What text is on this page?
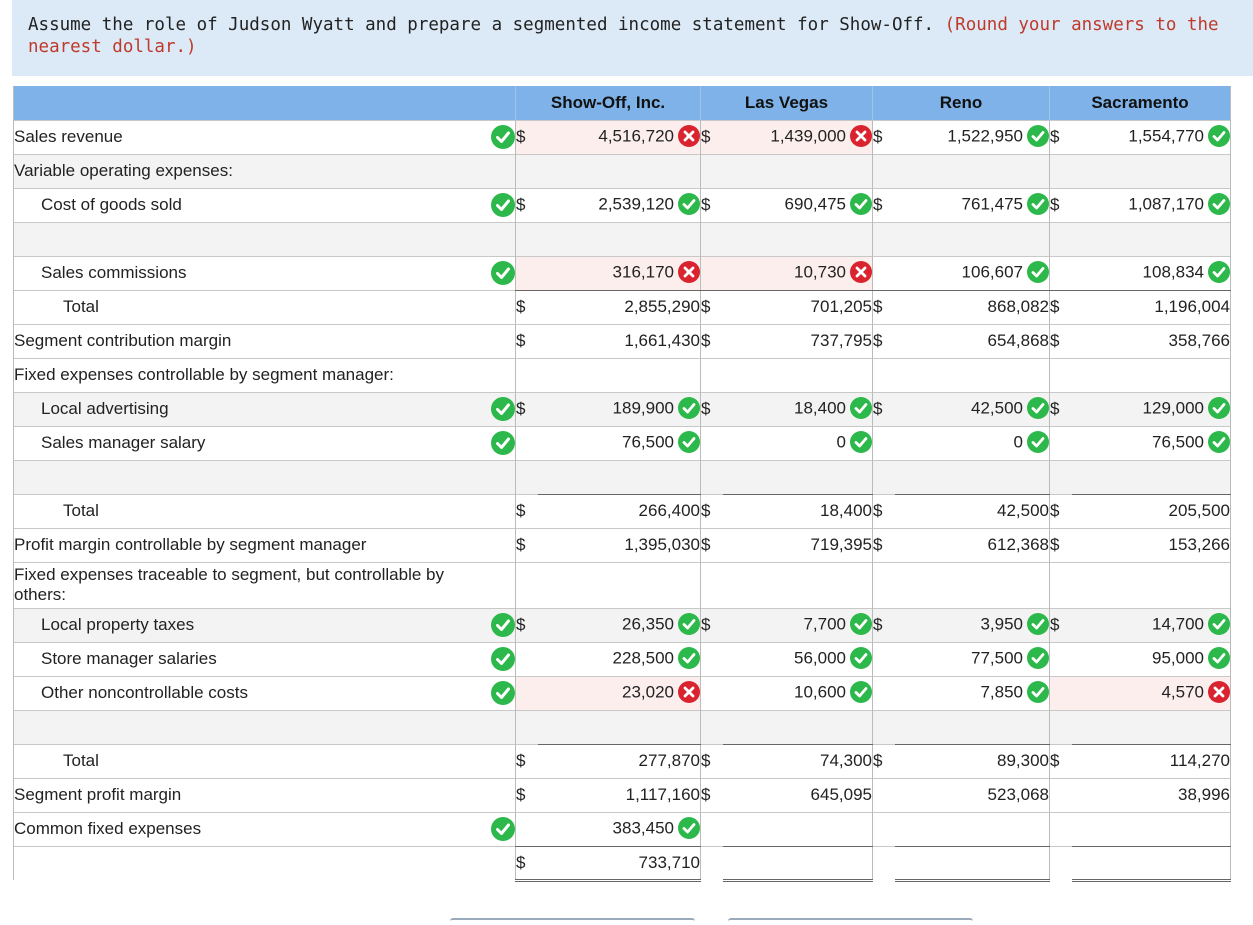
Assume the role of Judson Wyatt and prepare a segmented income statement for Show-Off. (Round your answers to the nearest dollar.)
		Show-Off, Inc.		Las Vegas		Reno		Sacramento	
Sales revenue		$	4,516,720	$	1,439,000	$	1,522,950	$	1,554,770

Variable operating expenses:									
Cost of goods sold		$	2,539,120	$	690,475	$	761,475	$	1,087,170

Sales commissions			316,170		10,730		106,607		108,834

Total		$	2,855,290	$	701,205	$	868,082	$	1,196,004
Segment contribution margin		$	1,661,430	$	737,795	$	654,868	$	358,766
Fixed expenses controllable by segment manager:									
Local advertising		$	189,900	$	18,400	$	42,500	$	129,000

Sales manager salary			76,500		0		0		76,500

Total		$	266,400	$	18,400	$	42,500	$	205,500
Profit margin controllable by segment manager		$	1,395,030	$	719,395	$	612,368	$	153,266
Fixed expenses traceable to segment, but controllable by others:									
Local property taxes		$	26,350	$	7,700	$	3,950	$	14,700

Store manager salaries			228,500		56,000		77,500		95,000

Other noncontrollable costs			23,020		10,600		7,850		4,570

Total		$	277,870	$	74,300	$	89,300	$	114,270
Segment profit margin		$	1,117,160	$	645,095		523,068		38,996
Common fixed expenses			383,450

		$	733,710						
